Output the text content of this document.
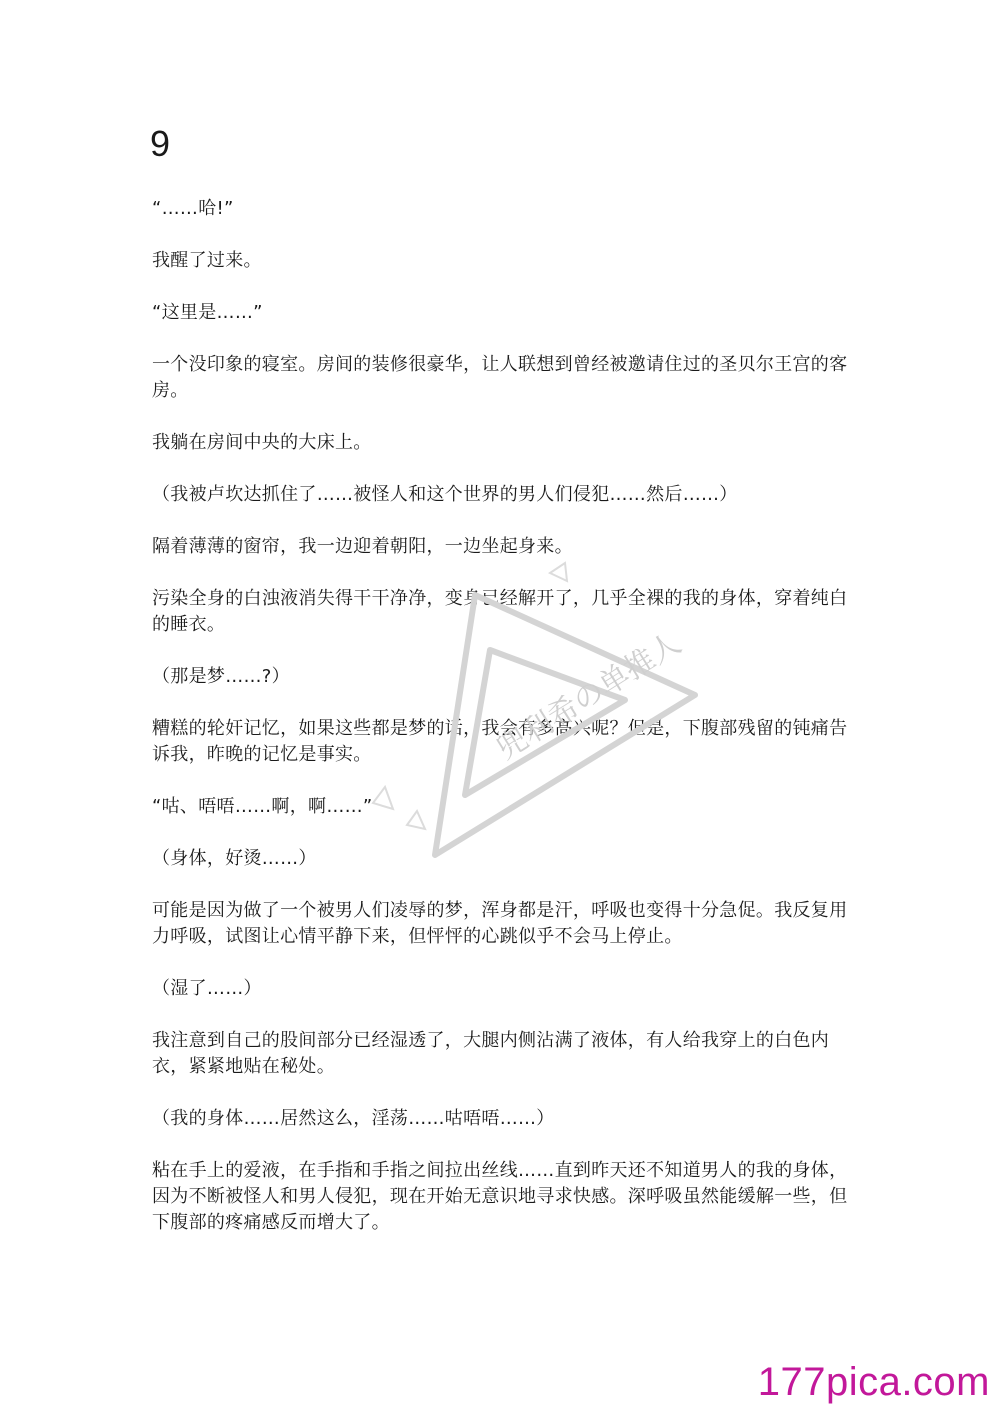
9

“……哈!”

我醒了过来。

“这里是……”

一个没印象的寝室。房间的装修很豪华，让人联想到曾经被邀请住过的圣贝尔王宫的客房。

我躺在房间中央的大床上。

（我被卢坎达抓住了……被怪人和这个世界的男人们侵犯……然后……）

隔着薄薄的窗帘，我一边迎着朝阳，一边坐起身来。

污染全身的白浊液消失得干干净净，变身已经解开了，几乎全裸的我的身体，穿着纯白的睡衣。

（那是梦……?）

糟糕的轮奸记忆，如果这些都是梦的话，我会有多高兴呢？但是，下腹部残留的钝痛告诉我，昨晚的记忆是事实。

“咕、唔唔……啊，啊……”

（身体，好烫……）

可能是因为做了一个被男人们凌辱的梦，浑身都是汗，呼吸也变得十分急促。我反复用力呼吸，试图让心情平静下来，但怦怦的心跳似乎不会马上停止。

（湿了……）

我注意到自己的股间部分已经湿透了，大腿内侧沾满了液体，有人给我穿上的白色内衣，紧紧地贴在秘处。

（我的身体……居然这么，淫荡……咕唔唔……）

粘在手上的爱液，在手指和手指之间拉出丝线……直到昨天还不知道男人的我的身体，因为不断被怪人和男人侵犯，现在开始无意识地寻求快感。深呼吸虽然能缓解一些，但下腹部的疼痛感反而增大了。

兜利希の单推人
177pica.com
